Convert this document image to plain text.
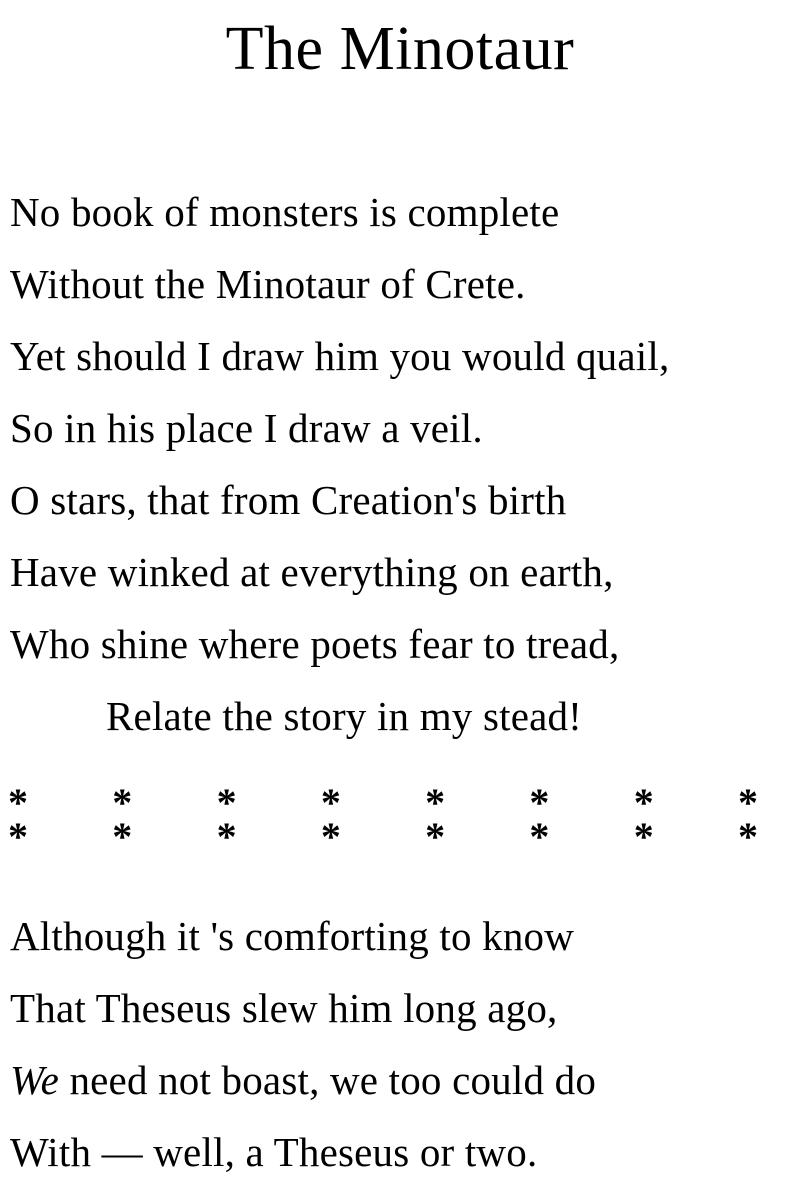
The Minotaur
No book of monsters is complete
Without the Minotaur of Crete.
Yet should I draw him you would quail,
So in his place I draw a veil.
O stars, that from Creation's birth
Have winked at everything on earth,
Who shine where poets fear to tread,
Relate the story in my stead!
* * * * * * * *
* * * * * * * *
Although it 's comforting to know
That Theseus slew him long ago,
We need not boast, we too could do
With — well, a Theseus or two.
